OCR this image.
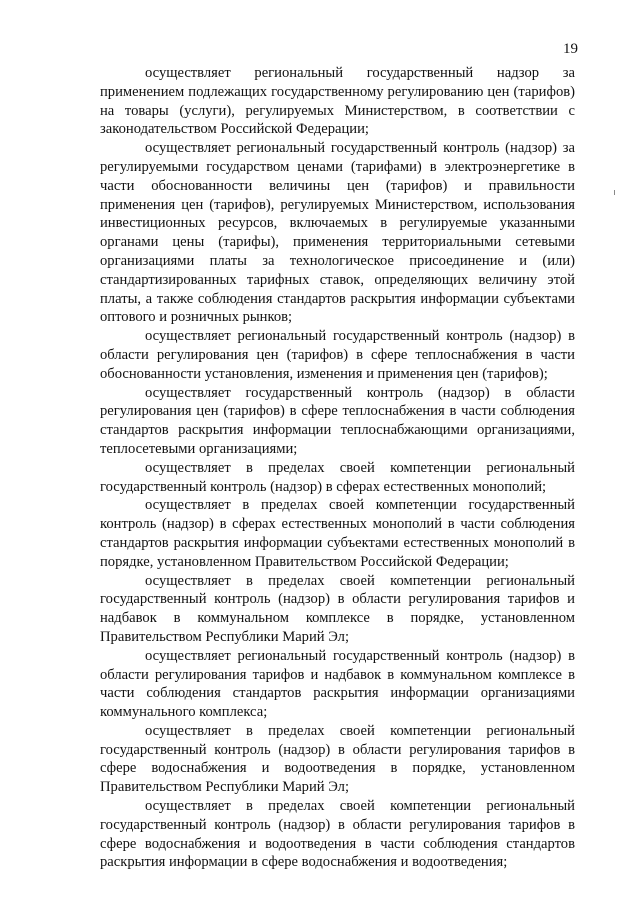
19

осуществляет региональный государственный надзор за применением подлежащих государственному регулированию цен (тарифов) на товары (услуги), регулируемых Министерством, в соответствии с законодательством Российской Федерации;

осуществляет региональный государственный контроль (надзор) за регулируемыми государством ценами (тарифами) в электроэнергетике в части обоснованности величины цен (тарифов) и правильности применения цен (тарифов), регулируемых Министерством, использования инвестиционных ресурсов, включаемых в регулируемые указанными органами цены (тарифы), применения территориальными сетевыми организациями платы за технологическое присоединение и (или) стандартизированных тарифных ставок, определяющих величину этой платы, а также соблюдения стандартов раскрытия информации субъектами оптового и розничных рынков;

осуществляет региональный государственный контроль (надзор) в области регулирования цен (тарифов) в сфере теплоснабжения в части обоснованности установления, изменения и применения цен (тарифов);

осуществляет государственный контроль (надзор) в области регулирования цен (тарифов) в сфере теплоснабжения в части соблюдения стандартов раскрытия информации теплоснабжающими организациями, теплосетевыми организациями;

осуществляет в пределах своей компетенции региональный государственный контроль (надзор) в сферах естественных монополий;

осуществляет в пределах своей компетенции государственный контроль (надзор) в сферах естественных монополий в части соблюдения стандартов раскрытия информации субъектами естественных монополий в порядке, установленном Правительством Российской Федерации;

осуществляет в пределах своей компетенции региональный государственный контроль (надзор) в области регулирования тарифов и надбавок в коммунальном комплексе в порядке, установленном Правительством Республики Марий Эл;

осуществляет региональный государственный контроль (надзор) в области регулирования тарифов и надбавок в коммунальном комплексе в части соблюдения стандартов раскрытия информации организациями коммунального комплекса;

осуществляет в пределах своей компетенции региональный государственный контроль (надзор) в области регулирования тарифов в сфере водоснабжения и водоотведения в порядке, установленном Правительством Республики Марий Эл;

осуществляет в пределах своей компетенции региональный государственный контроль (надзор) в области регулирования тарифов в сфере водоснабжения и водоотведения в части соблюдения стандартов раскрытия информации в сфере водоснабжения и водоотведения;
